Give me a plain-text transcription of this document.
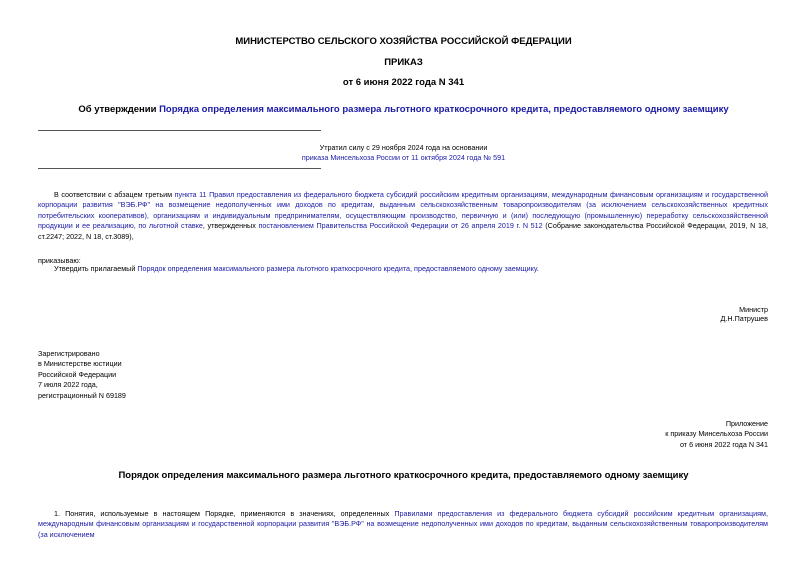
МИНИСТЕРСТВО СЕЛЬСКОГО ХОЗЯЙСТВА РОССИЙСКОЙ ФЕДЕРАЦИИ
ПРИКАЗ
от 6 июня 2022 года N 341
Об утверждении Порядка определения максимального размера льготного краткосрочного кредита, предоставляемого одному заемщику
Утратил силу с 29 ноября 2024 года на основании
приказа Минсельхоза России от 11 октября 2024 года № 591
В соответствии с абзацем третьим пункта 11 Правил предоставления из федерального бюджета субсидий российским кредитным организациям, международным финансовым организациям и государственной корпорации развития "ВЭБ.РФ" на возмещение недополученных ими доходов по кредитам, выданным сельскохозяйственным товаропроизводителям (за исключением сельскохозяйственных кредитных потребительских кооперативов), организациям и индивидуальным предпринимателям, осуществляющим производство, первичную и (или) последующую (промышленную) переработку сельскохозяйственной продукции и ее реализацию, по льготной ставке, утвержденных постановлением Правительства Российской Федерации от 26 апреля 2019 г. N 512 (Собрание законодательства Российской Федерации, 2019, N 18, ст.2247; 2022, N 18, ст.3089),
приказываю:
Утвердить прилагаемый Порядок определения максимального размера льготного краткосрочного кредита, предоставляемого одному заемщику.
Министр
Д.Н.Патрушев
Зарегистрировано
в Министерстве юстиции
Российской Федерации
7 июля 2022 года,
регистрационный N 69189
Приложение
к приказу Минсельхоза России
от 6 июня 2022 года N 341
Порядок определения максимального размера льготного краткосрочного кредита, предоставляемого одному заемщику
1. Понятия, используемые в настоящем Порядке, применяются в значениях, определенных Правилами предоставления из федерального бюджета субсидий российским кредитным организациям, международным финансовым организациям и государственной корпорации развития "ВЭБ.РФ" на возмещение недополученных ими доходов по кредитам, выданным сельскохозяйственным товаропроизводителям (за исключением
